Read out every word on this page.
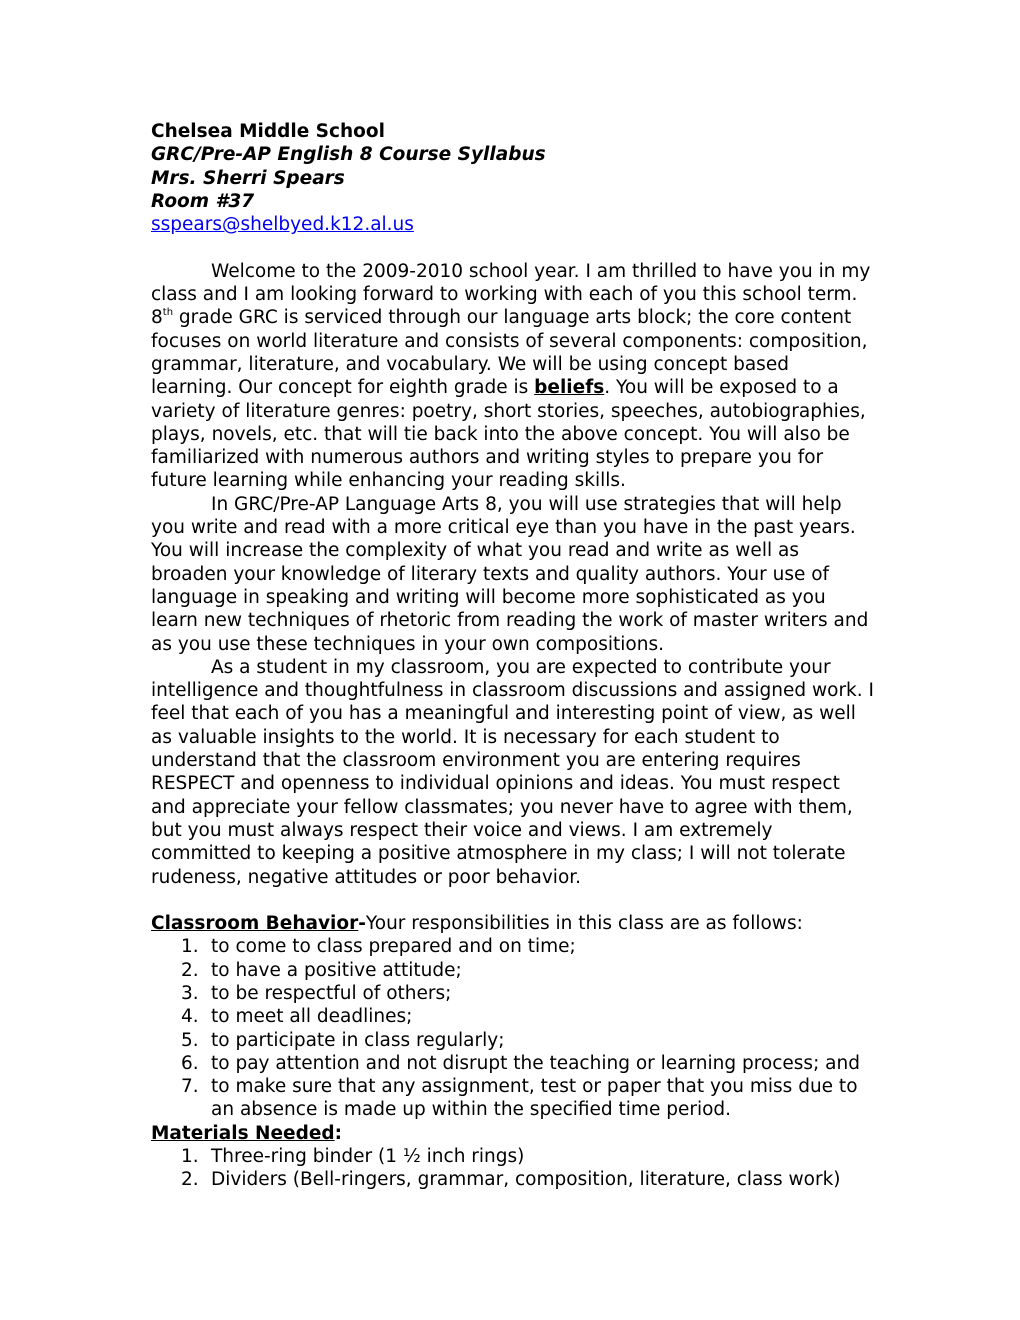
Chelsea Middle School
GRC/Pre-AP English 8 Course Syllabus
Mrs. Sherri Spears
Room #37
sspears@shelbyed.k12.al.us

Welcome to the 2009-2010 school year. I am thrilled to have you in my class and I am looking forward to working with each of you this school term. 8th grade GRC is serviced through our language arts block; the core content focuses on world literature and consists of several components: composition, grammar, literature, and vocabulary. We will be using concept based learning. Our concept for eighth grade is beliefs. You will be exposed to a variety of literature genres: poetry, short stories, speeches, autobiographies, plays, novels, etc. that will tie back into the above concept. You will also be familiarized with numerous authors and writing styles to prepare you for future learning while enhancing your reading skills.

In GRC/Pre-AP Language Arts 8, you will use strategies that will help you write and read with a more critical eye than you have in the past years. You will increase the complexity of what you read and write as well as broaden your knowledge of literary texts and quality authors. Your use of language in speaking and writing will become more sophisticated as you learn new techniques of rhetoric from reading the work of master writers and as you use these techniques in your own compositions.

As a student in my classroom, you are expected to contribute your intelligence and thoughtfulness in classroom discussions and assigned work. I feel that each of you has a meaningful and interesting point of view, as well as valuable insights to the world. It is necessary for each student to understand that the classroom environment you are entering requires RESPECT and openness to individual opinions and ideas. You must respect and appreciate your fellow classmates; you never have to agree with them, but you must always respect their voice and views. I am extremely committed to keeping a positive atmosphere in my class; I will not tolerate rudeness, negative attitudes or poor behavior.

Classroom Behavior-Your responsibilities in this class are as follows:
1. to come to class prepared and on time;
2. to have a positive attitude;
3. to be respectful of others;
4. to meet all deadlines;
5. to participate in class regularly;
6. to pay attention and not disrupt the teaching or learning process; and
7. to make sure that any assignment, test or paper that you miss due to an absence is made up within the specified time period.
Materials Needed:
1. Three-ring binder (1 ½ inch rings)
2. Dividers (Bell-ringers, grammar, composition, literature, class work)
